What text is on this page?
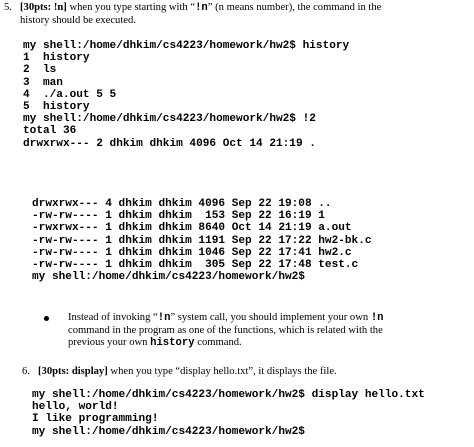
5. [30pts: !n] when you type starting with “!n” (n means number), the command in the
history should be executed.
my shell:/home/dhkim/cs4223/homework/hw2$ history
1  history
2  ls
3  man
4  ./a.out 5 5
5  history
my shell:/home/dhkim/cs4223/homework/hw2$ !2
total 36
drwxrwx--- 2 dhkim dhkim 4096 Oct 14 21:19 .
drwxrwx--- 4 dhkim dhkim 4096 Sep 22 19:08 ..
-rw-rw---- 1 dhkim dhkim  153 Sep 22 16:19 1
-rwxrwx--- 1 dhkim dhkim 8640 Oct 14 21:19 a.out
-rw-rw---- 1 dhkim dhkim 1191 Sep 22 17:22 hw2-bk.c
-rw-rw---- 1 dhkim dhkim 1046 Sep 22 17:41 hw2.c
-rw-rw---- 1 dhkim dhkim  305 Sep 22 17:48 test.c
my shell:/home/dhkim/cs4223/homework/hw2$
Instead of invoking “!n” system call, you should implement your own !n
command in the program as one of the functions, which is related with the
previous your own history command.
6. [30pts: display] when you type “display hello.txt”, it displays the file.
my shell:/home/dhkim/cs4223/homework/hw2$ display hello.txt
hello, world!
I like programming!
my shell:/home/dhkim/cs4223/homework/hw2$
